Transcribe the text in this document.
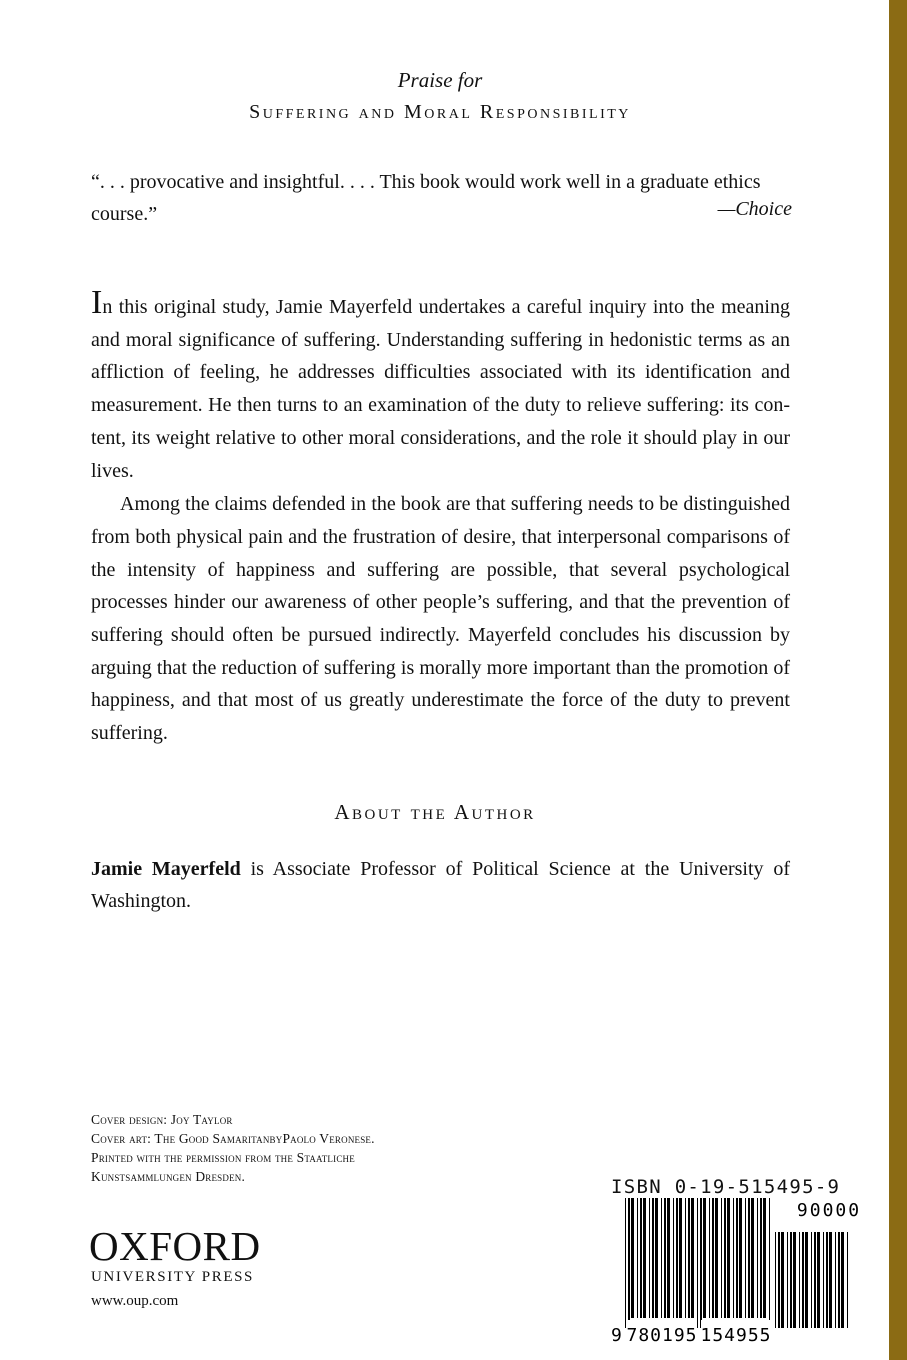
Praise for
Suffering and Moral Responsibility
“. . . provocative and insightful. . . . This book would work well in a graduate ethics
course.”	—Choice

In this original study, Jamie Mayerfeld undertakes a careful inquiry into the meaning and moral significance of suffering. Understanding suffering in hedonistic terms as an affliction of feeling, he addresses difficulties associated with its identification and measurement. He then turns to an examination of the duty to relieve suffering: its content, its weight relative to other moral considerations, and the role it should play in our lives.

Among the claims defended in the book are that suffering needs to be distinguished from both physical pain and the frustration of desire, that interpersonal comparisons of the intensity of happiness and suffering are possible, that several psychological processes hinder our awareness of other people’s suffering, and that the prevention of suffering should often be pursued indirectly. Mayerfeld concludes his discussion by arguing that the reduction of suffering is morally more important than the promotion of happiness, and that most of us greatly underestimate the force of the duty to prevent suffering.

About the Author
Jamie Mayerfeld is Associate Professor of Political Science at the University of Washington.
Cover design: Joy Taylor
Cover art: The Good SamaritanbyPaolo Veronese.
Printed with the permission from the Staatliche
Kunstsammlungen Dresden.
OXFORD
UNIVERSITY PRESS
www.oup.com
ISBN 0-19-515495-9
90000
9 780195 154955
